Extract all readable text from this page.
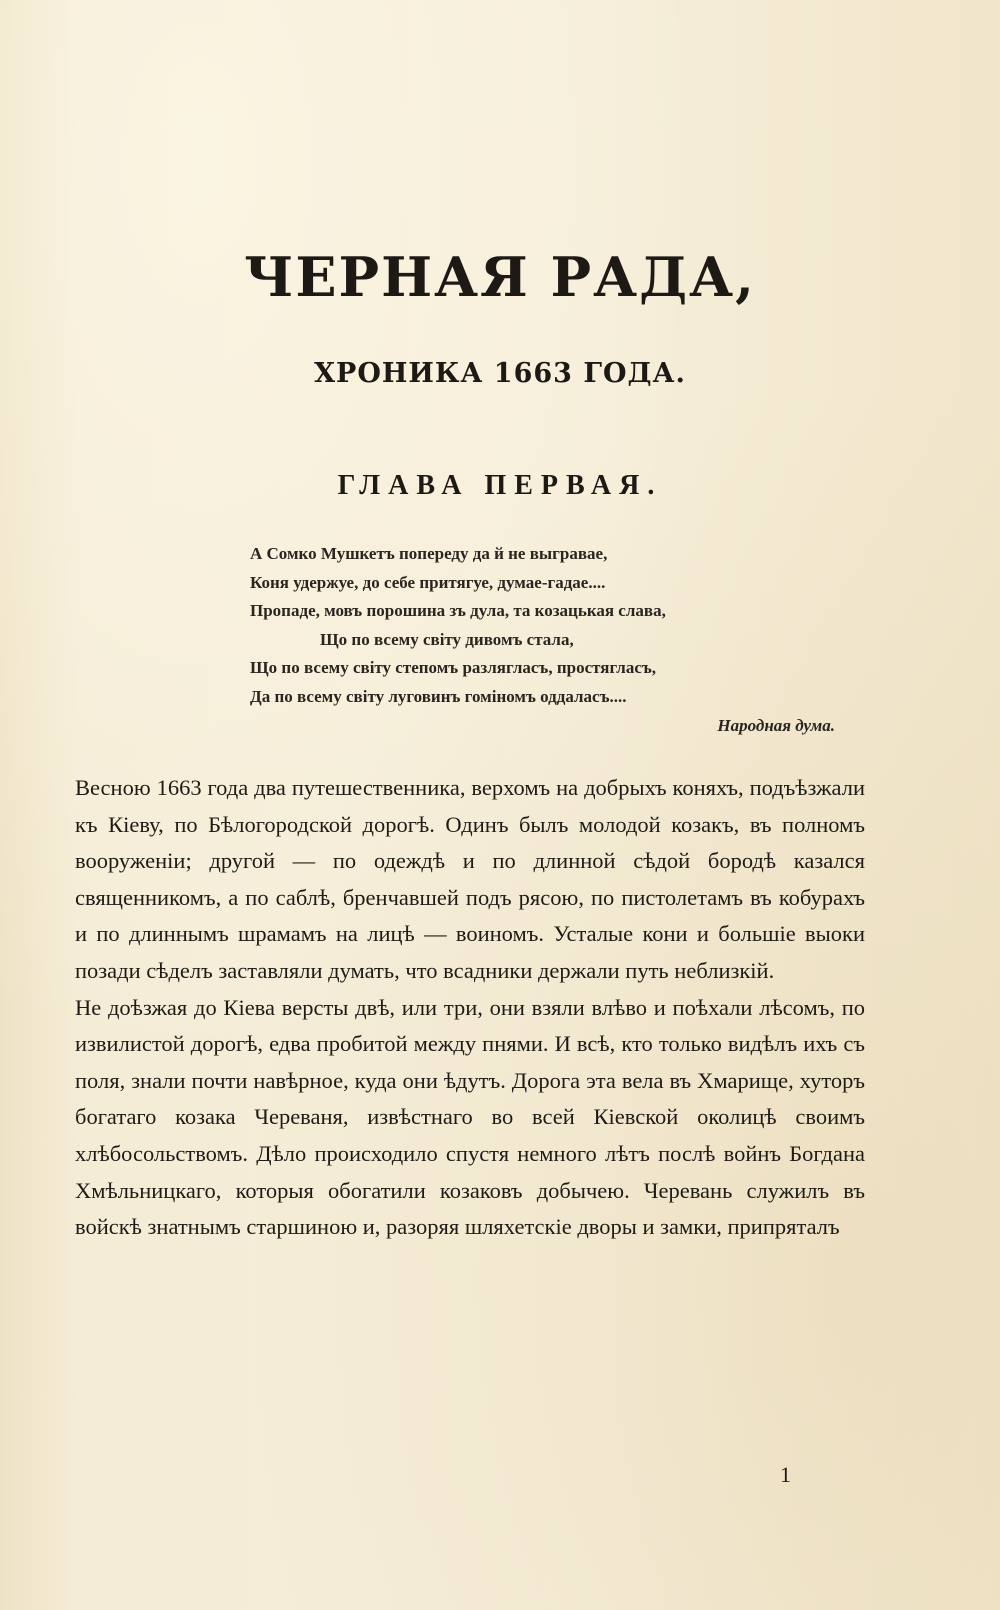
ЧЕРНАЯ РАДА,
ХРОНИКА 1663 ГОДА.
ГЛАВА ПЕРВАЯ.
А Сомко Мушкетъ попереду да й не выгравае,
Коня удержуе, до себе притягуе, думае-гадае....
Пропаде, мовъ порошина зъ дула, та козацькая слава,
Що по всему свiту дивомъ стала,
Що по всему свiту степомъ разлягласъ, простягласъ,
Да по всему свiту луговинъ гомiномъ оддаласъ....
Народная дума.

Весною 1663 года два путешественника, верхомъ на добрыхъ коняхъ, подъѣзжали къ Кiеву, по Бѣлогородской дорогѣ. Одинъ былъ молодой козакъ, въ полномъ вооруженiи; другой — по одеждѣ и по длинной сѣдой бородѣ казался священникомъ, а по саблѣ, бренчавшей подъ рясою, по пистолетамъ въ кобурахъ и по длиннымъ шрамамъ на лицѣ — воиномъ. Усталые кони и большiе выоки позади сѣделъ заставляли думать, что всадники держали путь неблизкiй.

Не доѣзжая до Кiева версты двѣ, или три, они взяли влѣво и поѣхали лѣсомъ, по извилистой дорогѣ, едва пробитой между пнями. И всѣ, кто только видѣлъ ихъ съ поля, знали почти навѣрное, куда они ѣдутъ. Дорога эта вела въ Хмарище, хуторъ богатаго козака Череваня, извѣстнаго во всей Кiевской околицѣ своимъ хлѣбосольствомъ. Дѣло происходило спустя немного лѣтъ послѣ войнъ Богдана Хмѣльницкаго, которыя обогатили козаковъ добычею. Черевань служилъ въ войскѣ знатнымъ старшиною и, разоряя шляхетскiе дворы и замки, припряталъ

1
